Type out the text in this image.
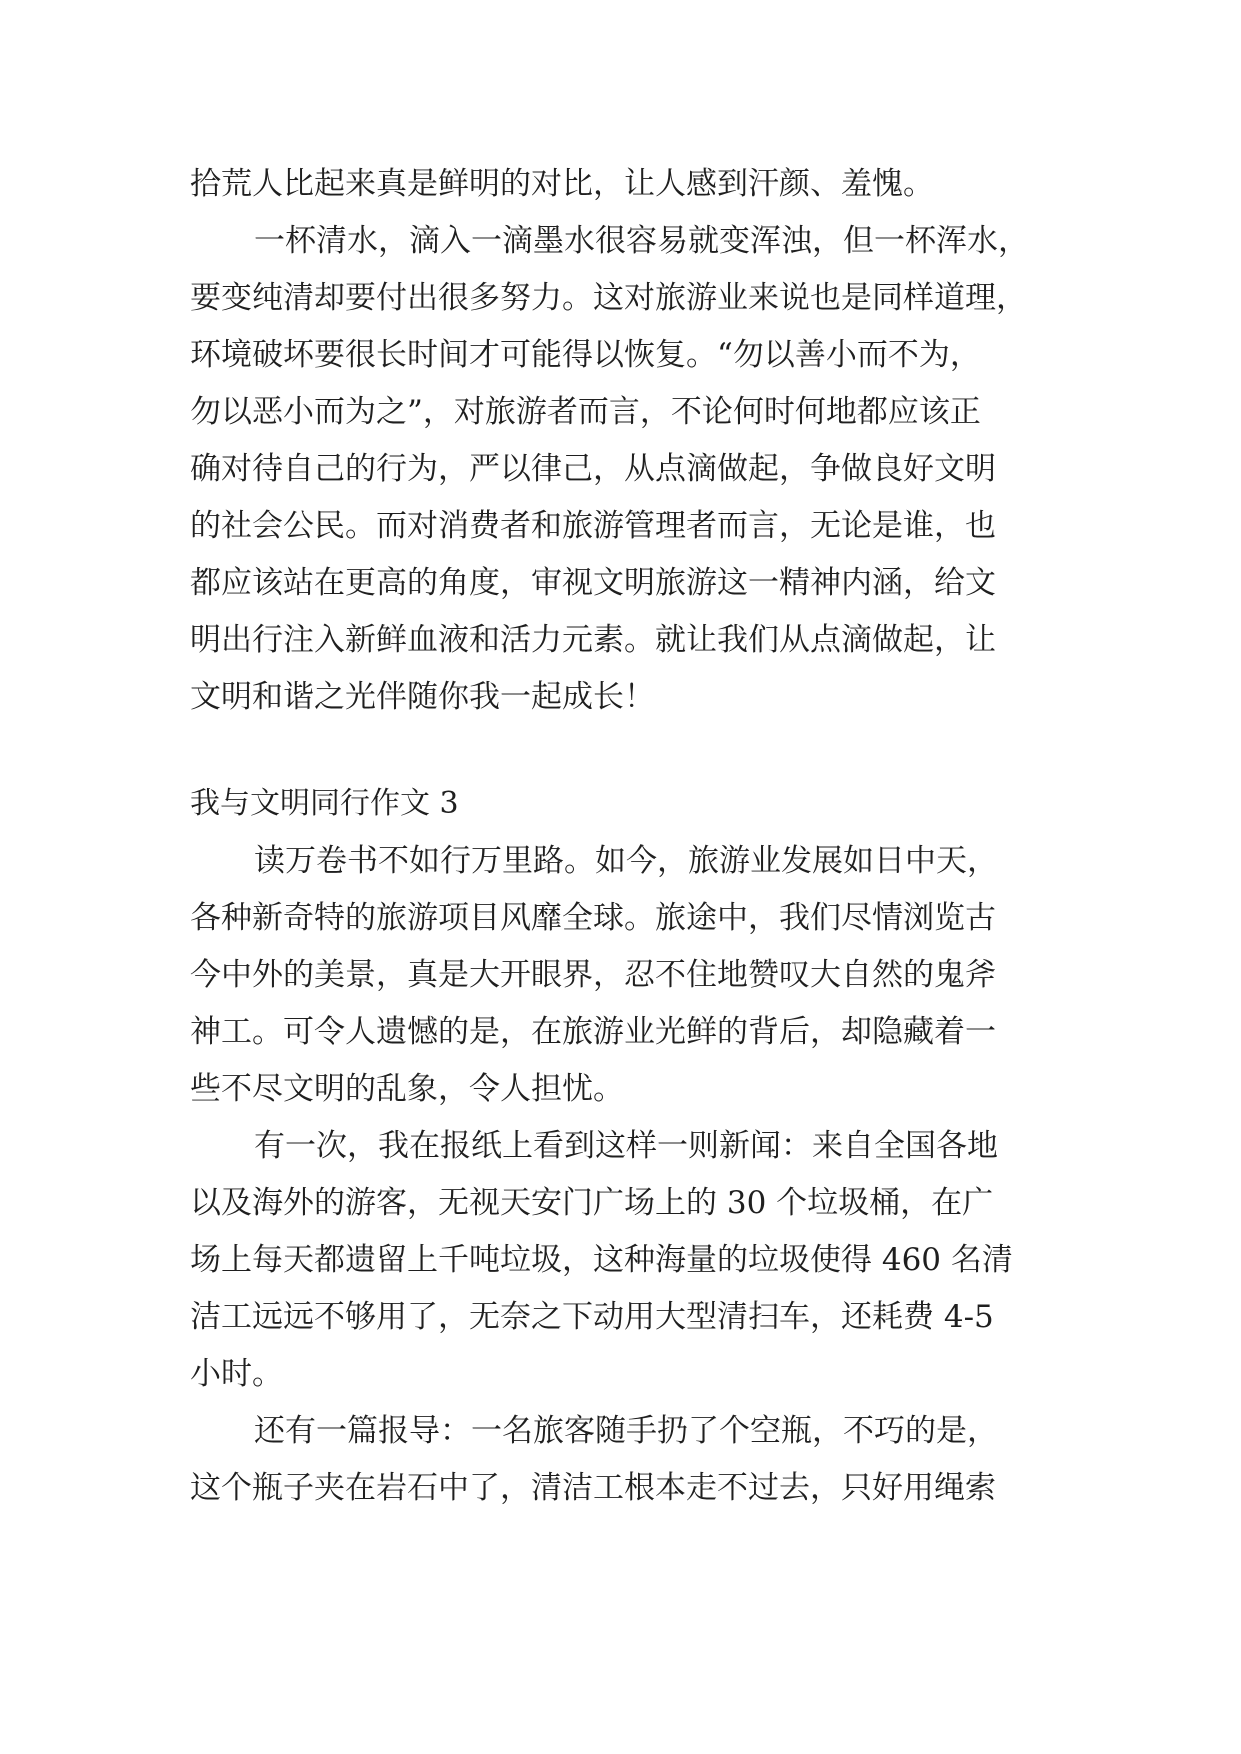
拾荒人比起来真是鲜明的对比，让人感到汗颜、羞愧。

一杯清水，滴入一滴墨水很容易就变浑浊，但一杯浑水，

要变纯清却要付出很多努力。这对旅游业来说也是同样道理，

环境破坏要很长时间才可能得以恢复。“勿以善小而不为，

勿以恶小而为之”，对旅游者而言，不论何时何地都应该正

确对待自己的行为，严以律己，从点滴做起，争做良好文明

的社会公民。而对消费者和旅游管理者而言，无论是谁，也

都应该站在更高的角度，审视文明旅游这一精神内涵，给文

明出行注入新鲜血液和活力元素。就让我们从点滴做起，让

文明和谐之光伴随你我一起成长！

我与文明同行作文 3

读万卷书不如行万里路。如今，旅游业发展如日中天，

各种新奇特的旅游项目风靡全球。旅途中，我们尽情浏览古

今中外的美景，真是大开眼界，忍不住地赞叹大自然的鬼斧

神工。可令人遗憾的是，在旅游业光鲜的背后，却隐藏着一

些不尽文明的乱象，令人担忧。

有一次，我在报纸上看到这样一则新闻：来自全国各地

以及海外的游客，无视天安门广场上的 30 个垃圾桶，在广

场上每天都遗留上千吨垃圾，这种海量的垃圾使得 460 名清

洁工远远不够用了，无奈之下动用大型清扫车，还耗费 4-5

小时。

还有一篇报导：一名旅客随手扔了个空瓶，不巧的是，

这个瓶子夹在岩石中了，清洁工根本走不过去，只好用绳索
